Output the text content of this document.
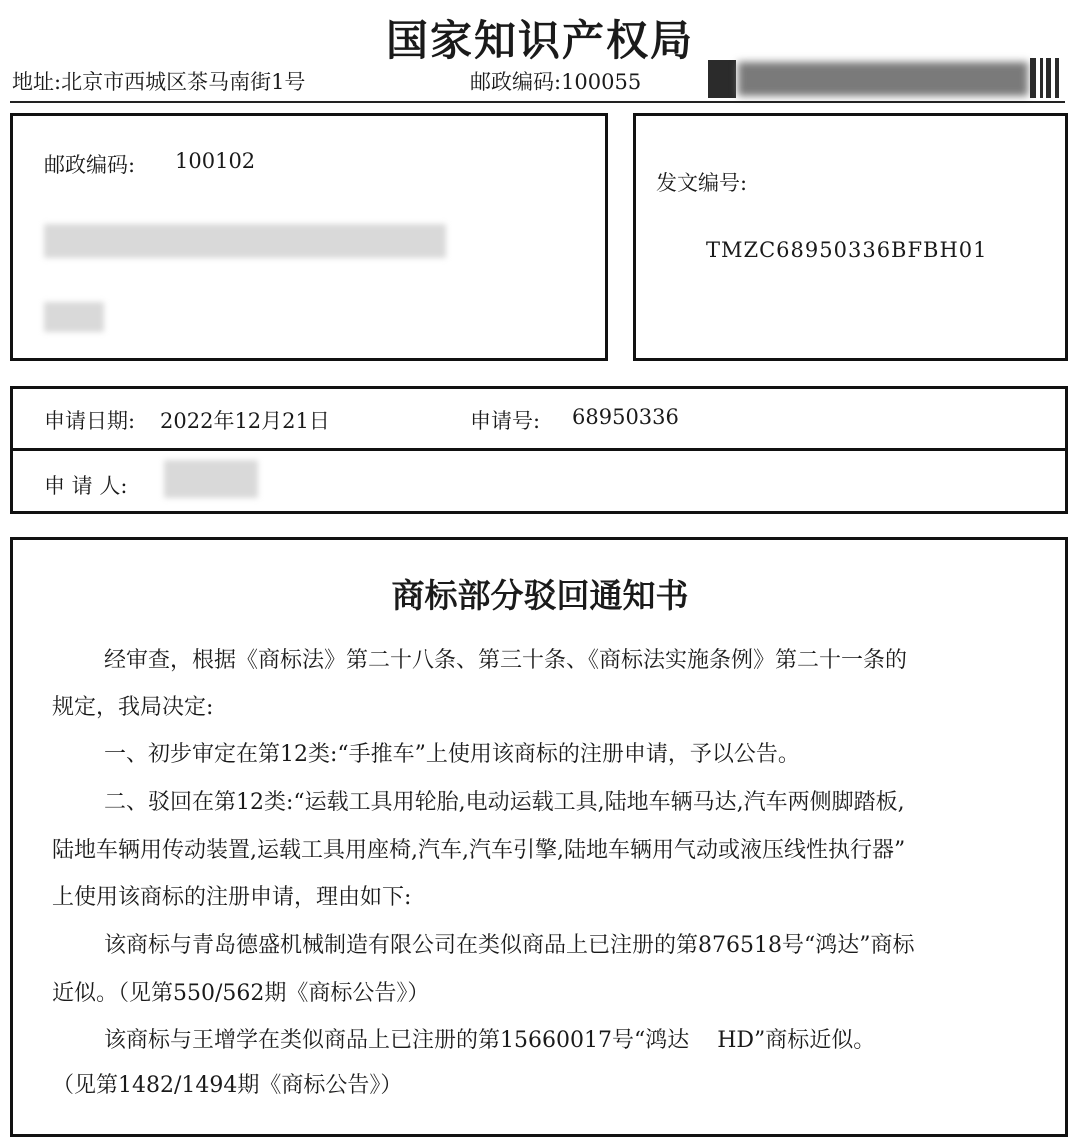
国家知识产权局
地址:北京市西城区茶马南街1号	邮政编码:100055
邮政编码: 100102
发文编号:
TMZC68950336BFBH01
申请日期: 2022年12月21日	申请号: 68950336
申 请 人:
商标部分驳回通知书
经审查，根据《商标法》第二十八条、第三十条、《商标法实施条例》第二十一条的
规定，我局决定:
一、初步审定在第12类:“手推车”上使用该商标的注册申请，予以公告。
二、驳回在第12类:“运载工具用轮胎,电动运载工具,陆地车辆马达,汽车两侧脚踏板,
陆地车辆用传动装置,运载工具用座椅,汽车,汽车引擎,陆地车辆用气动或液压线性执行器”
上使用该商标的注册申请，理由如下:
该商标与青岛德盛机械制造有限公司在类似商品上已注册的第876518号“鸿达”商标
近似。（见第550/562期《商标公告》）
该商标与王增学在类似商品上已注册的第15660017号“鸿达    HD”商标近似。
（见第1482/1494期《商标公告》）
